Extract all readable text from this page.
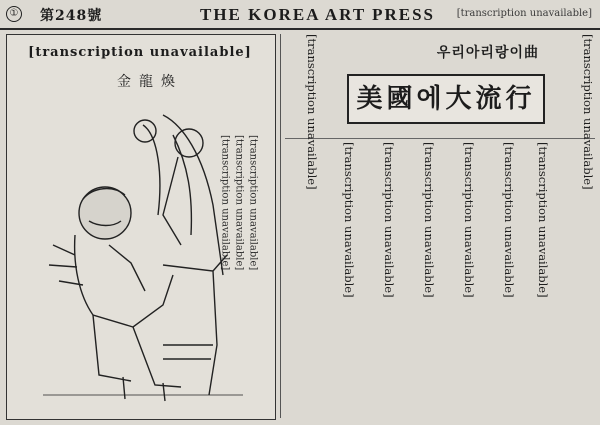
① 第248號	THE KOREA ART PRESS [transcription unavailable]
[transcription unavailable]
金龍煥
[transcription unavailable] [transcription unavailable] [transcription unavailable]
우리아리랑이曲
美國에大流行	[transcription unavailable]
[transcription unavailable]
[transcription unavailable]
[transcription unavailable]
[transcription unavailable]
[transcription unavailable]
[transcription unavailable]
[transcription unavailable]
